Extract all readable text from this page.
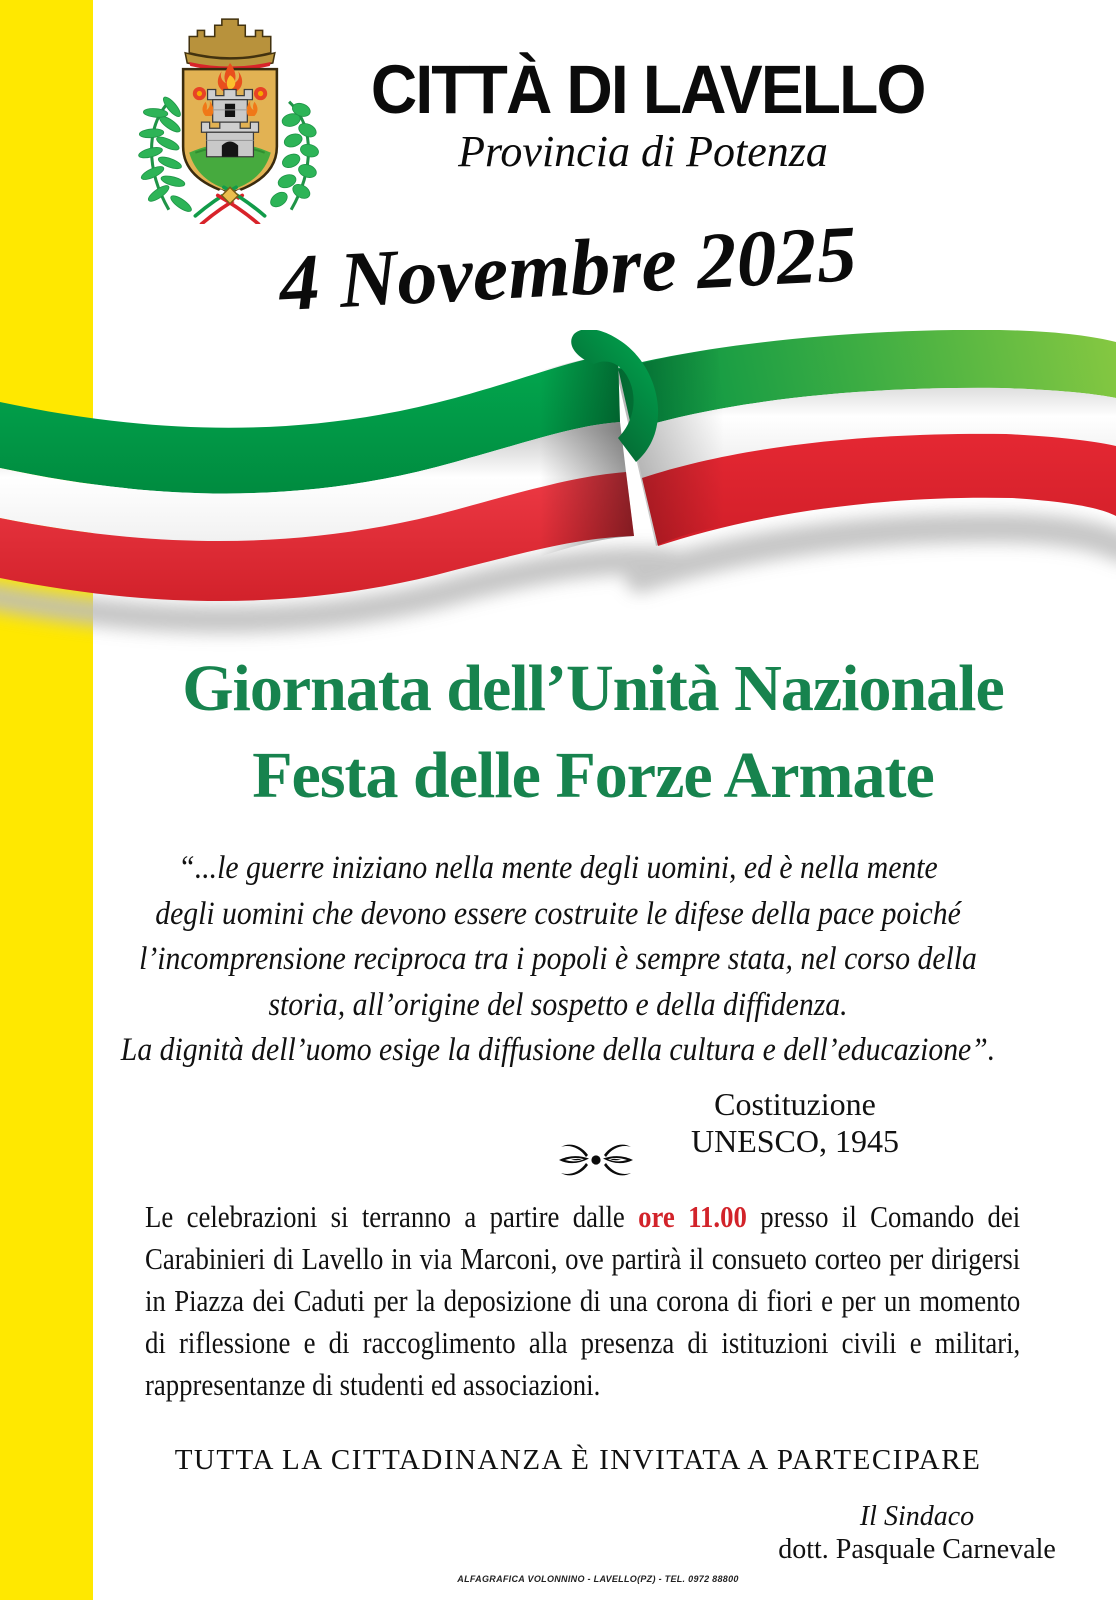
CITTÀ DI LAVELLO
Provincia di Potenza
4 Novembre 2025
Giornata dell’Unità Nazionale
Festa delle Forze Armate
“...le guerre iniziano nella mente degli uomini, ed è nella mente
degli uomini che devono essere costruite le difese della pace poiché
l’incomprensione reciproca tra i popoli è sempre stata, nel corso della
storia, all’origine del sospetto e della diffidenza.
La dignità dell’uomo esige la diffusione della cultura e dell’educazione”.
Costituzione UNESCO, 1945

Le celebrazioni si terranno a partire dalle ore 11.00 presso il Comando dei Carabinieri di Lavello in via Marconi, ove partirà il consueto corteo per dirigersi in Piazza dei Caduti per la deposizione di una corona di fiori e per un momento di riflessione e di raccoglimento alla presenza di istituzioni civili e militari, rappresentanze di studenti ed associazioni.

TUTTA LA CITTADINANZA È INVITATA A PARTECIPARE
Il Sindaco
dott. Pasquale Carnevale
ALFAGRAFICA VOLONNINO - LAVELLO(PZ) - TEL. 0972 88800
